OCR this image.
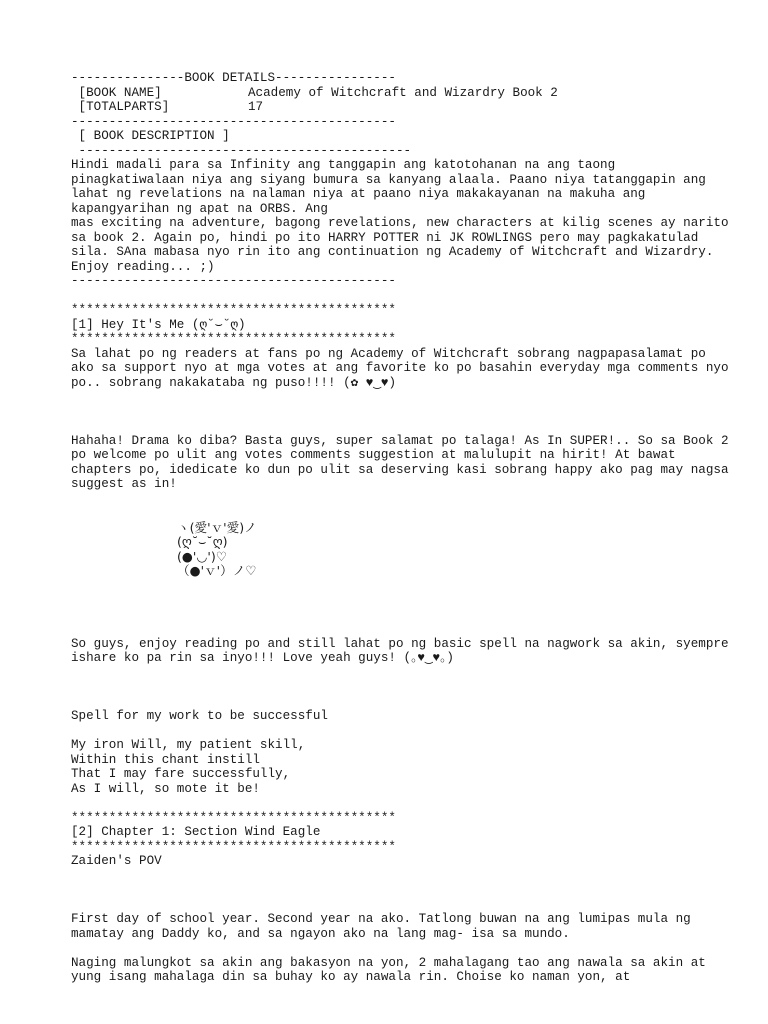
---------------BOOK DETAILS----------------
[BOOK NAME]	Academy of Witchcraft and Wizardry Book 2
[TOTALPARTS]	17
-------------------------------------------
[ BOOK DESCRIPTION ]
--------------------------------------------
Hindi madali para sa Infinity ang tanggapin ang katotohanan na ang taong pinagkatiwalaan niya ang siyang bumura sa kanyang alaala. Paano niya tatanggapin ang lahat ng revelations na nalaman niya at paano niya makakayanan na makuha ang kapangyarihan ng apat na ORBS. Ang
mas exciting na adventure, bagong revelations, new characters at kilig scenes ay narito sa book 2. Again po, hindi po ito HARRY POTTER ni JK ROWLINGS pero may pagkakatulad sila. SAna mabasa nyo rin ito ang continuation ng Academy of Witchcraft and Wizardry.
Enjoy reading... ;)
-------------------------------------------
*******************************************
[1] Hey It's Me (ღ˘⌣˘ღ)
*******************************************
Sa lahat po ng readers at fans po ng Academy of Witchcraft sobrang nagpapasalamat po ako sa support nyo at mga votes at ang favorite ko po basahin everyday mga comments nyo po.. sobrang nakakataba ng puso!!!! (✿ ♥‿♥)
Hahaha! Drama ko diba? Basta guys, super salamat po talaga! As In SUPER!.. So sa Book 2 po welcome po ulit ang votes comments suggestion at malulupit na hirit! At bawat chapters po, idedicate ko dun po ulit sa deserving kasi sobrang happy ako pag may nagsa suggest as in!

ヽ(愛'ｖ'愛)ノ
(ღ˘⌣˘ღ)
(●'◡')♡
（●'ｖ'）ノ♡

So guys, enjoy reading po and still lahat po ng basic spell na nagwork sa akin, syempre ishare ko pa rin sa inyo!!! Love yeah guys! (｡♥‿♥｡)
Spell for my work to be successful
My iron Will, my patient skill,
Within this chant instill
That I may fare successfully,
As I will, so mote it be!
*******************************************
[2] Chapter 1: Section Wind Eagle
*******************************************
Zaiden's POV
First day of school year. Second year na ako. Tatlong buwan na ang lumipas mula ng mamatay ang Daddy ko, and sa ngayon ako na lang mag- isa sa mundo.
Naging malungkot sa akin ang bakasyon na yon, 2 mahalagang tao ang nawala sa akin at yung isang mahalaga din sa buhay ko ay nawala rin. Choise ko naman yon, at
